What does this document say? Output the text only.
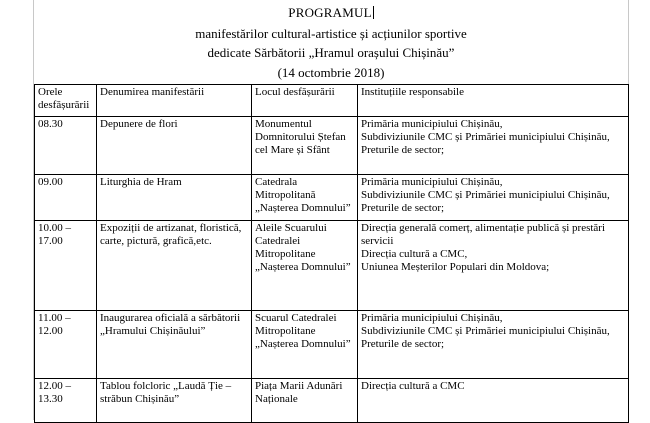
PROGRAMUL
manifestărilor cultural-artistice și acțiunilor sportive
dedicate Sărbătorii „Hramul orașului Chișinău”
(14 octombrie 2018)
Orele desfășurării	Denumirea manifestării	Locul desfășurării	Instituțiile responsabile
08.30	Depunere de flori	Monumentul Domnitorului Ștefan cel Mare și Sfânt	Primăria municipiului Chișinău,
Subdiviziunile CMC și Primăriei municipiului Chișinău,
Preturile de sector;
09.00	Liturghia de Hram	Catedrala Mitropolitană „Nașterea Domnului”	Primăria municipiului Chișinău,
Subdiviziunile CMC și Primăriei municipiului Chișinău,
Preturile de sector;
10.00 –
17.00	Expoziții de artizanat, floristică, carte, pictură, grafică,etc.	Aleile Scuarului Catedralei Mitropolitane „Nașterea Domnului”	Direcția generală comerț, alimentație publică și prestări servicii
Direcția cultură a CMC,
Uniunea Meșterilor Populari din Moldova;
11.00 –
12.00	Inaugurarea oficială a sărbătorii „Hramului Chișinăului”	Scuarul Catedralei Mitropolitane „Nașterea Domnului”	Primăria municipiului Chișinău,
Subdiviziunile CMC și Primăriei municipiului Chișinău,
Preturile de sector;
12.00 –
13.30	Tablou folcloric „Laudă Ție – străbun Chișinău”	Piața Marii Adunări Naționale	Direcția cultură a CMC
